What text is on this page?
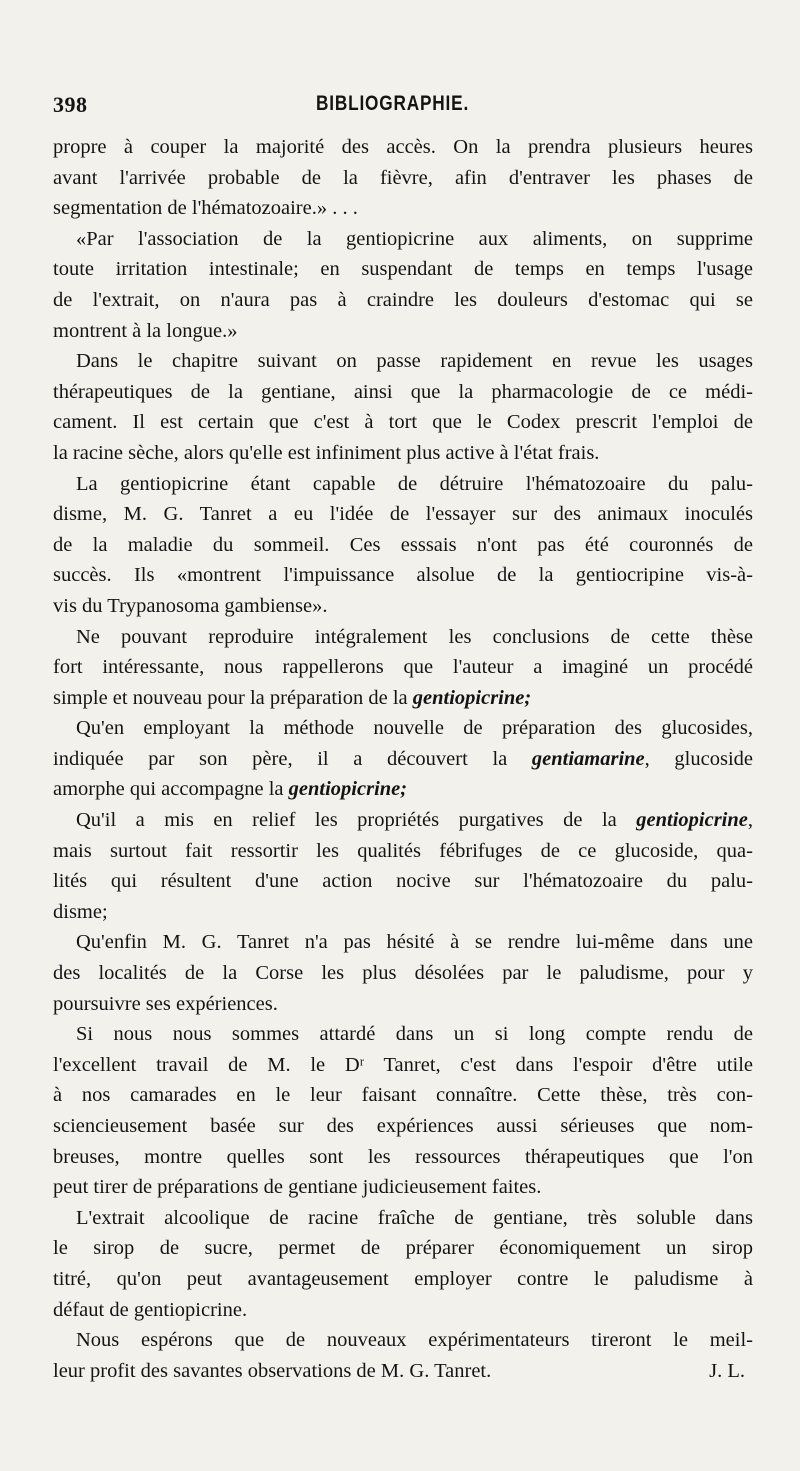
398	BIBLIOGRAPHIE.
propre à couper la majorité des accès. On la prendra plusieurs heures
avant l'arrivée probable de la fièvre, afin d'entraver les phases de
segmentation de l'hématozoaire.» . . .
«Par l'association de la gentiopicrine aux aliments, on supprime
toute irritation intestinale; en suspendant de temps en temps l'usage
de l'extrait, on n'aura pas à craindre les douleurs d'estomac qui se
montrent à la longue.»
Dans le chapitre suivant on passe rapidement en revue les usages
thérapeutiques de la gentiane, ainsi que la pharmacologie de ce médi-
cament. Il est certain que c'est à tort que le Codex prescrit l'emploi de
la racine sèche, alors qu'elle est infiniment plus active à l'état frais.
La gentiopicrine étant capable de détruire l'hématozoaire du palu-
disme, M. G. Tanret a eu l'idée de l'essayer sur des animaux inoculés
de la maladie du sommeil. Ces esssais n'ont pas été couronnés de
succès. Ils «montrent l'impuissance alsolue de la gentiocripine vis-à-
vis du Trypanosoma gambiense».
Ne pouvant reproduire intégralement les conclusions de cette thèse
fort intéressante, nous rappellerons que l'auteur a imaginé un procédé
simple et nouveau pour la préparation de la gentiopicrine;
Qu'en employant la méthode nouvelle de préparation des glucosides,
indiquée par son père, il a découvert la gentiamarine, glucoside
amorphe qui accompagne la gentiopicrine;
Qu'il a mis en relief les propriétés purgatives de la gentiopicrine,
mais surtout fait ressortir les qualités fébrifuges de ce glucoside, qua-
lités qui résultent d'une action nocive sur l'hématozoaire du palu-
disme;
Qu'enfin M. G. Tanret n'a pas hésité à se rendre lui-même dans une
des localités de la Corse les plus désolées par le paludisme, pour y
poursuivre ses expériences.
Si nous nous sommes attardé dans un si long compte rendu de
l'excellent travail de M. le Dʳ Tanret, c'est dans l'espoir d'être utile
à nos camarades en le leur faisant connaître. Cette thèse, très con-
sciencieusement basée sur des expériences aussi sérieuses que nom-
breuses, montre quelles sont les ressources thérapeutiques que l'on
peut tirer de préparations de gentiane judicieusement faites.
L'extrait alcoolique de racine fraîche de gentiane, très soluble dans
le sirop de sucre, permet de préparer économiquement un sirop
titré, qu'on peut avantageusement employer contre le paludisme à
défaut de gentiopicrine.
Nous espérons que de nouveaux expérimentateurs tireront le meil-
leur profit des savantes observations de M. G. Tanret.	J. L.
